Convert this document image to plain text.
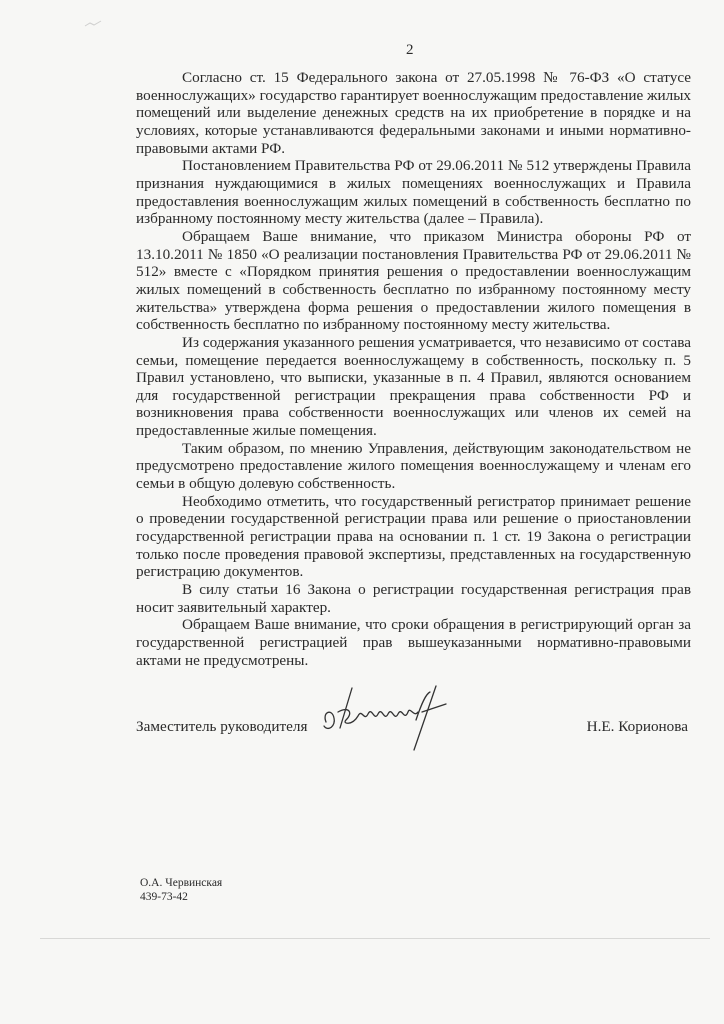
2

Согласно ст. 15 Федерального закона от 27.05.1998 № 76-ФЗ «О статусе военнослужащих» государство гарантирует военнослужащим предоставление жилых помещений или выделение денежных средств на их приобретение в порядке и на условиях, которые устанавливаются федеральными законами и иными нормативно-правовыми актами РФ.

Постановлением Правительства РФ от 29.06.2011 № 512 утверждены Правила признания нуждающимися в жилых помещениях военнослужащих и Правила предоставления военнослужащим жилых помещений в собственность бесплатно по избранному постоянному месту жительства (далее – Правила).

Обращаем Ваше внимание, что приказом Министра обороны РФ от 13.10.2011 № 1850 «О реализации постановления Правительства РФ от 29.06.2011 № 512» вместе с «Порядком принятия решения о предоставлении военнослужащим жилых помещений в собственность бесплатно по избранному постоянному месту жительства» утверждена форма решения о предоставлении жилого помещения в собственность бесплатно по избранному постоянному месту жительства.

Из содержания указанного решения усматривается, что независимо от состава семьи, помещение передается военнослужащему в собственность, поскольку п. 5 Правил установлено, что выписки, указанные в п. 4 Правил, являются основанием для государственной регистрации прекращения права собственности РФ и возникновения права собственности военнослужащих или членов их семей на предоставленные жилые помещения.

Таким образом, по мнению Управления, действующим законодательством не предусмотрено предоставление жилого помещения военнослужащему и членам его семьи в общую долевую собственность.

Необходимо отметить, что государственный регистратор принимает решение о проведении государственной регистрации права или решение о приостановлении государственной регистрации права на основании п. 1 ст. 19 Закона о регистрации только после проведения правовой экспертизы, представленных на государственную регистрацию документов.

В силу статьи 16 Закона о регистрации государственная регистрация прав носит заявительный характер.

Обращаем Ваше внимание, что сроки обращения в регистрирующий орган за государственной регистрацией прав вышеуказанными нормативно-правовыми актами не предусмотрены.

Заместитель руководителя	Н.Е. Корионова
О.А. Червинская
439-73-42
